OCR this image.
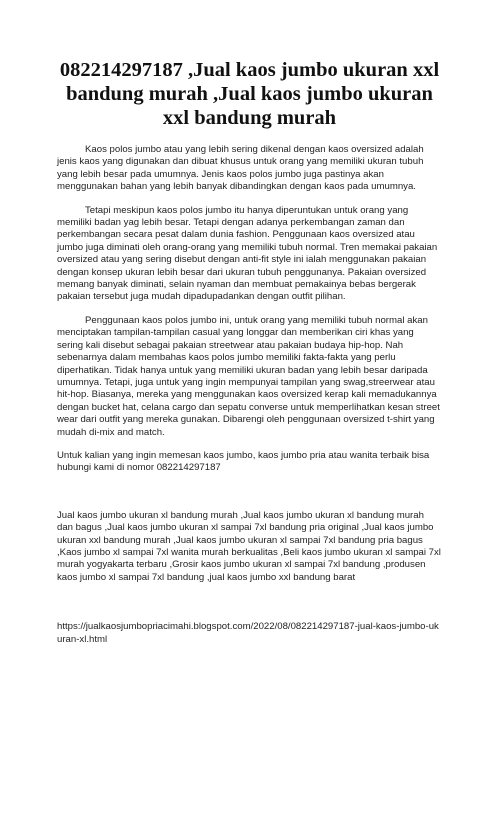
082214297187 ,Jual kaos jumbo ukuran xxl bandung murah ,Jual kaos jumbo ukuran xxl bandung murah

Kaos polos jumbo atau yang lebih sering dikenal dengan kaos oversized adalah jenis kaos yang digunakan dan dibuat khusus untuk orang yang memiliki ukuran tubuh yang lebih besar pada umumnya. Jenis kaos polos jumbo juga pastinya akan menggunakan bahan yang lebih banyak dibandingkan dengan kaos pada umumnya.

Tetapi meskipun kaos polos jumbo itu hanya diperuntukan untuk orang yang memiliki badan yag lebih besar. Tetapi dengan adanya perkembangan zaman dan perkembangan secara pesat dalam dunia fashion. Penggunaan kaos oversized atau jumbo juga diminati oleh orang-orang yang memiliki tubuh normal. Tren memakai pakaian oversized atau yang sering disebut dengan anti-fit style ini ialah menggunakan pakaian dengan konsep ukuran lebih besar dari ukuran tubuh penggunanya. Pakaian oversized memang banyak diminati, selain nyaman dan membuat pemakainya bebas bergerak pakaian tersebut juga mudah dipadupadankan dengan outfit pilihan.

Penggunaan kaos polos jumbo ini, untuk orang yang memiliki tubuh normal akan menciptakan tampilan-tampilan casual yang longgar dan memberikan ciri khas yang sering kali disebut sebagai pakaian streetwear atau pakaian budaya hip-hop. Nah sebenarnya dalam membahas kaos polos jumbo memiliki fakta-fakta yang perlu diperhatikan. Tidak hanya untuk yang memiliki ukuran badan yang lebih besar daripada umumnya. Tetapi, juga untuk yang ingin mempunyai tampilan yang swag,streerwear atau hit-hop. Biasanya, mereka yang menggunakan kaos oversized kerap kali memadukannya dengan bucket hat, celana cargo dan sepatu converse untuk memperlihatkan kesan street wear dari outfit yang mereka gunakan. Dibarengi oleh penggunaan oversized t-shirt yang mudah di-mix and match.

Untuk kalian yang ingin memesan kaos jumbo, kaos jumbo pria atau wanita terbaik bisa hubungi kami di nomor 082214297187

Jual kaos jumbo ukuran xl bandung murah ,Jual kaos jumbo ukuran xl bandung murah dan bagus ,Jual kaos jumbo ukuran xl sampai 7xl bandung pria original ,Jual kaos jumbo ukuran xxl bandung murah ,Jual kaos jumbo ukuran xl sampai 7xl bandung pria bagus ,Kaos jumbo xl sampai 7xl wanita murah berkualitas ,Beli kaos jumbo ukuran xl sampai 7xl murah yogyakarta terbaru ,Grosir kaos jumbo ukuran xl sampai 7xl bandung ,produsen kaos jumbo xl sampai 7xl bandung ,jual kaos jumbo xxl bandung barat

https://jualkaosjumbopriacimahi.blogspot.com/2022/08/082214297187-jual-kaos-jumbo-ukuran-xl.html
